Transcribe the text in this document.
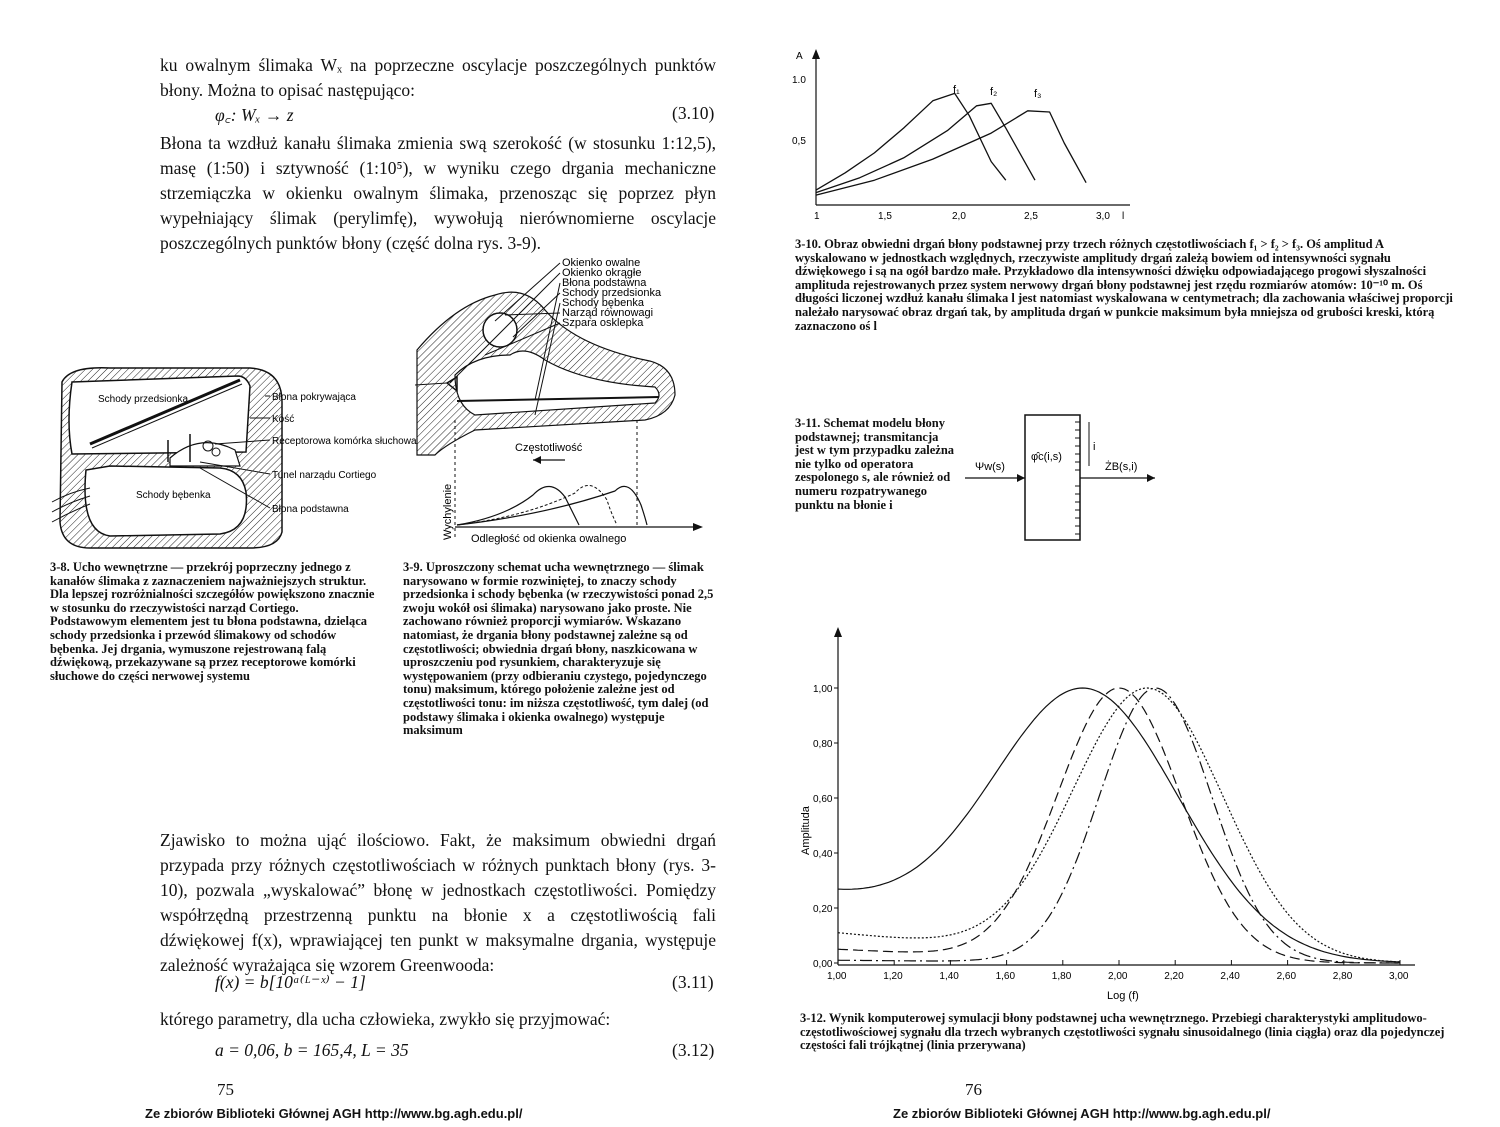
ku owalnym ślimaka Wₓ na poprzeczne oscylacje poszczególnych punktów błony. Można to opisać następująco:
φ꜀: Wₓ → z	(3.10)
Błona ta wzdłuż kanału ślimaka zmienia swą szerokość (w stosunku 1:12,5), masę (1:50) i sztywność (1:10⁵), w wyniku czego drgania mechaniczne strzemiączka w okienku owalnym ślimaka, przenosząc się poprzez płyn wypełniający ślimak (perylimfę), wywołują nierównomierne oscylacje poszczególnych punktów błony (część dolna rys. 3-9).
Schody przedsionka
Schody bębenka
Błona pokrywająca
Kość
Receptorowa komórka słuchowa
Tunel narządu Cortiego
Błona podstawna
Częstotliwość
Wychylenie Odległość od okienka owalnego
Okienko owalne
Okienko okrągłe
Błona podstawna
Schody przedsionka
Schody bębenka
Narząd równowagi
Szpara osklepka
3-8. Ucho wewnętrzne — przekrój poprzeczny jednego z kanałów ślimaka z zaznaczeniem najważniejszych struktur. Dla lepszej rozróżnialności szczegółów powiększono znacznie w stosunku do rzeczywistości narząd Cortiego. Podstawowym elementem jest tu błona podstawna, dzieląca schody przedsionka i przewód ślimakowy od schodów bębenka. Jej drgania, wymuszone rejestrowaną falą dźwiękową, przekazywane są przez receptorowe komórki słuchowe do części nerwowej systemu
3-9. Uproszczony schemat ucha wewnętrznego — ślimak narysowano w formie rozwiniętej, to znaczy schody przedsionka i schody bębenka (w rzeczywistości ponad 2,5 zwoju wokół osi ślimaka) narysowano jako proste. Nie zachowano również proporcji wymiarów. Wskazano natomiast, że drgania błony podstawnej zależne są od częstotliwości; obwiednia drgań błony, naszkicowana w uproszczeniu pod rysunkiem, charakteryzuje się występowaniem (przy odbieraniu czystego, pojedynczego tonu) maksimum, którego położenie zależne jest od częstotliwości tonu: im niższa częstotliwość, tym dalej (od podstawy ślimaka i okienka owalnego) występuje maksimum
Zjawisko to można ująć ilościowo. Fakt, że maksimum obwiedni drgań przypada przy różnych częstotliwościach w różnych punktach błony (rys. 3-10), pozwala „wyskalować” błonę w jednostkach częstotliwości. Pomiędzy współrzędną przestrzenną punktu na błonie x a częstotliwością fali dźwiękowej f(x), wprawiającej ten punkt w maksymalne drgania, występuje zależność wyrażająca się wzorem Greenwooda:
f(x) = b[10ᵃ⁽ᴸ⁻ˣ⁾ − 1]	(3.11)
którego parametry, dla ucha człowieka, zwykło się przyjmować:
a = 0,06, b = 165,4, L = 35	(3.12)
75
Ze zbiorów Biblioteki Głównej AGH http://www.bg.agh.edu.pl/
A
1.0
0,5
1	1,5	2,0	2,5	3,0 l
f₁	f₂	f₃
3-10. Obraz obwiedni drgań błony podstawnej przy trzech różnych częstotliwościach f₁ > f₂ > f₃. Oś amplitud A wyskalowano w jednostkach względnych, rzeczywiste amplitudy drgań zależą bowiem od intensywności sygnału dźwiękowego i są na ogół bardzo małe. Przykładowo dla intensywności dźwięku odpowiadającego progowi słyszalności amplituda rejestrowanych przez system nerwowy drgań błony podstawnej jest rzędu rozmiarów atomów: 10⁻¹⁰ m. Oś długości liczonej wzdłuż kanału ślimaka l jest natomiast wyskalowana w centymetrach; dla zachowania właściwej proporcji należało narysować obraz drgań tak, by amplituda drgań w punkcie maksimum była mniejsza od grubości kreski, którą zaznaczono oś l
3-11. Schemat modelu błony podstawnej; transmitancja jest w tym przypadku zależna nie tylko od operatora zespolonego s, ale również od numeru rozpatrywanego punktu na błonie i
Ψw(s)
φ̂c(i,s)
ŻB(s,i)
i
0,00
0,20
0,40
0,60
0,80
1,00
1,00	1,20	1,40	1,60	1,80	2,00	2,20	2,40	2,60	2,80	3,00
Amplituda
Log (f)
3-12. Wynik komputerowej symulacji błony podstawnej ucha wewnętrznego. Przebiegi charakterystyki amplitudowo-częstotliwościowej sygnału dla trzech wybranych częstotliwości sygnału sinusoidalnego (linia ciągła) oraz dla pojedynczej częstości fali trójkątnej (linia przerywana)
76
Ze zbiorów Biblioteki Głównej AGH http://www.bg.agh.edu.pl/
